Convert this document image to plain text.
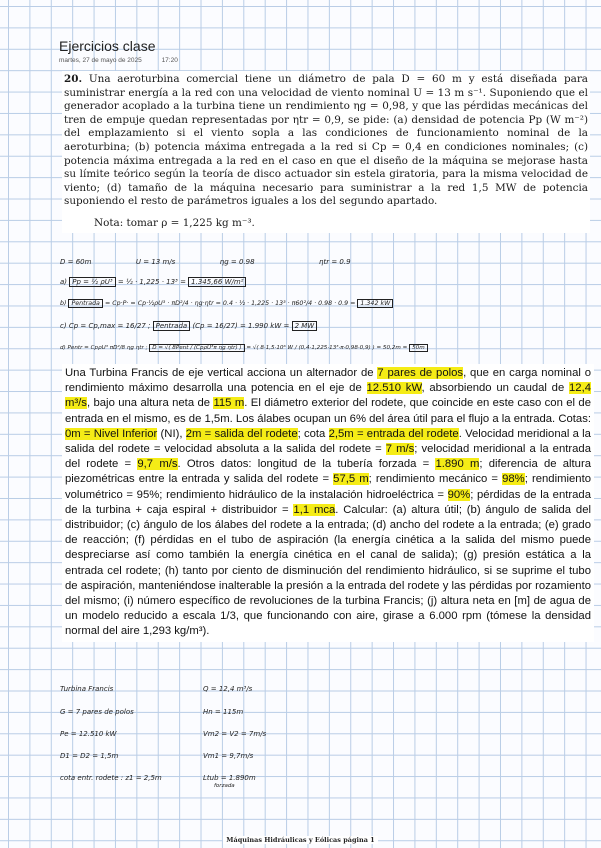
Ejercicios clase
martes, 27 de mayo de 2025	17:20
20. Una aeroturbina comercial tiene un diámetro de pala D = 60 m y está diseñada para suministrar energía a la red con una velocidad de viento nominal U = 13 m s⁻¹. Suponiendo que el generador acoplado a la turbina tiene un rendimiento ηg = 0,98, y que las pérdidas mecánicas del tren de empuje quedan representadas por ηtr = 0,9, se pide: (a) densidad de potencia Pp (W m⁻²) del emplazamiento si el viento sopla a las condiciones de funcionamiento nominal de la aeroturbina; (b) potencia máxima entregada a la red si Cp = 0,4 en condiciones nominales; (c) potencia máxima entregada a la red en el caso en que el diseño de la máquina se mejorase hasta su límite teórico según la teoría de disco actuador sin estela giratoria, para la misma velocidad de viento; (d) tamaño de la máquina necesario para suministrar a la red 1,5 MW de potencia suponiendo el resto de parámetros iguales a los del segundo apartado.
Nota: tomar ρ = 1,225 kg m⁻³.
D = 60m	U = 13 m/s	ηg = 0.98	ηtr = 0.9
a) Pp = ½ ρU³ = ½ · 1,225 · 13³ = 1.345,66 W/m²
b) Pentrada = Cp·P· = Cp·½ρU³ · πD²/4 · ηg·ηtr = 0.4 · ½ · 1,225 · 13³ · π60²/4 · 0.98 · 0.9 = 1.342 kW
c) Cp = Cp,max = 16/27 ; Pentrada (Cp = 16/27) = 1.990 kW = 2 MW
d) Pentr = CpρU³ πD²/8 ηg ηtr ; D = √( 8Pent / (CpρU³π ηg ηtr) ) = √( 8·1,5·10⁶ W / (0,4·1,225·13³·π·0,98·0,9) ) = 50,2m = 50m
Una Turbina Francis de eje vertical acciona un alternador de 7 pares de polos, que en carga nominal o rendimiento máximo desarrolla una potencia en el eje de 12.510 kW, absorbiendo un caudal de 12,4 m³/s, bajo una altura neta de 115 m. El diámetro exterior del rodete, que coincide en este caso con el de entrada en el mismo, es de 1,5m. Los álabes ocupan un 6% del área útil para el flujo a la entrada. Cotas: 0m = Nivel Inferior (NI), 2m = salida del rodete; cota 2,5m = entrada del rodete. Velocidad meridional a la salida del rodete = velocidad absoluta a la salida del rodete = 7 m/s; velocidad meridional a la entrada del rodete = 9,7 m/s. Otros datos: longitud de la tubería forzada = 1.890 m; diferencia de altura piezométricas entre la entrada y salida del rodete = 57,5 m; rendimiento mecánico = 98%; rendimiento volumétrico = 95%; rendimiento hidráulico de la instalación hidroeléctrica = 90%; pérdidas de la entrada de la turbina + caja espiral + distribuidor = 1,1 mca. Calcular: (a) altura útil; (b) ángulo de salida del distribuidor; (c) ángulo de los álabes del rodete a la entrada; (d) ancho del rodete a la entrada; (e) grado de reacción; (f) pérdidas en el tubo de aspiración (la energía cinética a la salida del mismo puede despreciarse así como también la energía cinética en el canal de salida); (g) presión estática a la entrada cel rodete; (h) tanto por ciento de disminución del rendimiento hidráulico, si se suprime el tubo de aspiración, manteniéndose inalterable la presión a la entrada del rodete y las pérdidas por rozamiento del mismo; (i) número específico de revoluciones de la turbina Francis; (j) altura neta en [m] de agua de un modelo reducido a escala 1/3, que funcionando con aire, girase a 6.000 rpm (tómese la densidad normal del aire 1,293 kg/m³).
Turbina Francis
G = 7 pares de polos
Pe = 12.510 kW
D1 = D2 = 1,5m
cota entr. rodete : z1 = 2,5m
Q = 12,4 m³/s
Hn = 115m
Vm2 = V2 = 7m/s
Vm1 = 9,7m/s
Ltub = 1.890m
forzada
Máquinas Hidráulicas y Eólicas página 1
